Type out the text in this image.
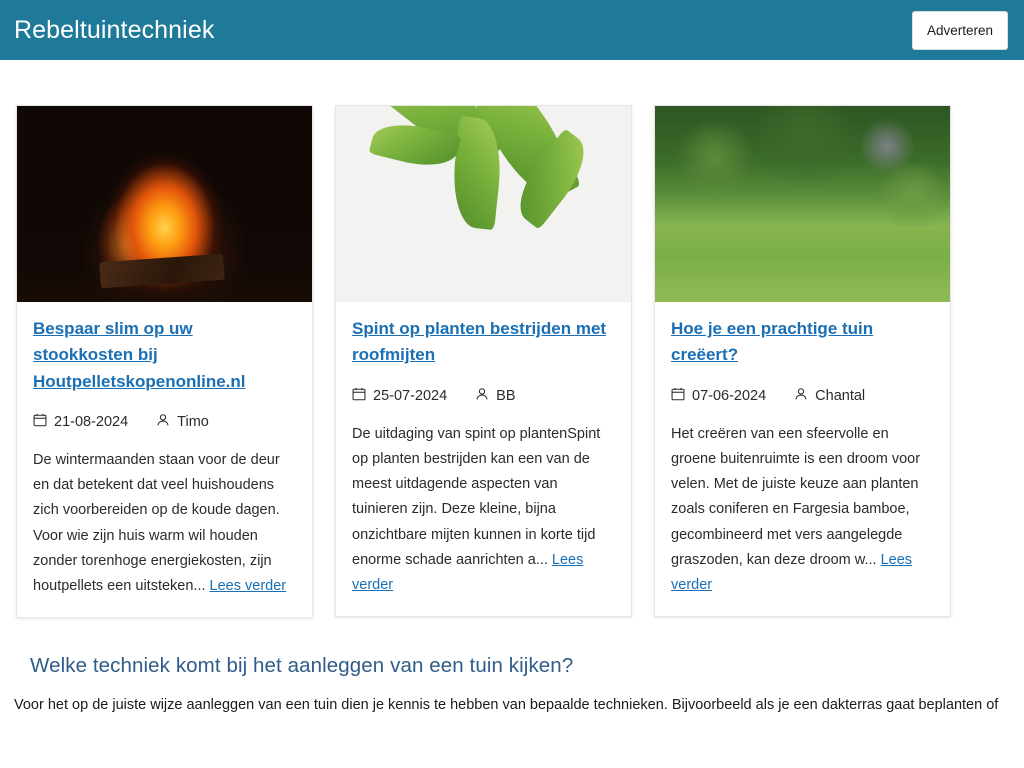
Rebeltuintechniek	Adverteren
Bespaar slim op uw stookkosten bij Houtpelletskopenonline.nl
21-08-2024	Timo
De wintermaanden staan voor de deur en dat betekent dat veel huishoudens zich voorbereiden op de koude dagen. Voor wie zijn huis warm wil houden zonder torenhoge energiekosten, zijn houtpellets een uitsteken... Lees verder
Spint op planten bestrijden met roofmijten
25-07-2024	BB
De uitdaging van spint op plantenSpint op planten bestrijden kan een van de meest uitdagende aspecten van tuinieren zijn. Deze kleine, bijna onzichtbare mijten kunnen in korte tijd enorme schade aanrichten a... Lees verder
Hoe je een prachtige tuin creëert?
07-06-2024	Chantal
Het creëren van een sfeervolle en groene buitenruimte is een droom voor velen. Met de juiste keuze aan planten zoals coniferen en Fargesia bamboe, gecombineerd met vers aangelegde graszoden, kan deze droom w... Lees verder
Welke techniek komt bij het aanleggen van een tuin kijken?

Voor het op de juiste wijze aanleggen van een tuin dien je kennis te hebben van bepaalde technieken. Bijvoorbeeld als je een dakterras gaat beplanten of
